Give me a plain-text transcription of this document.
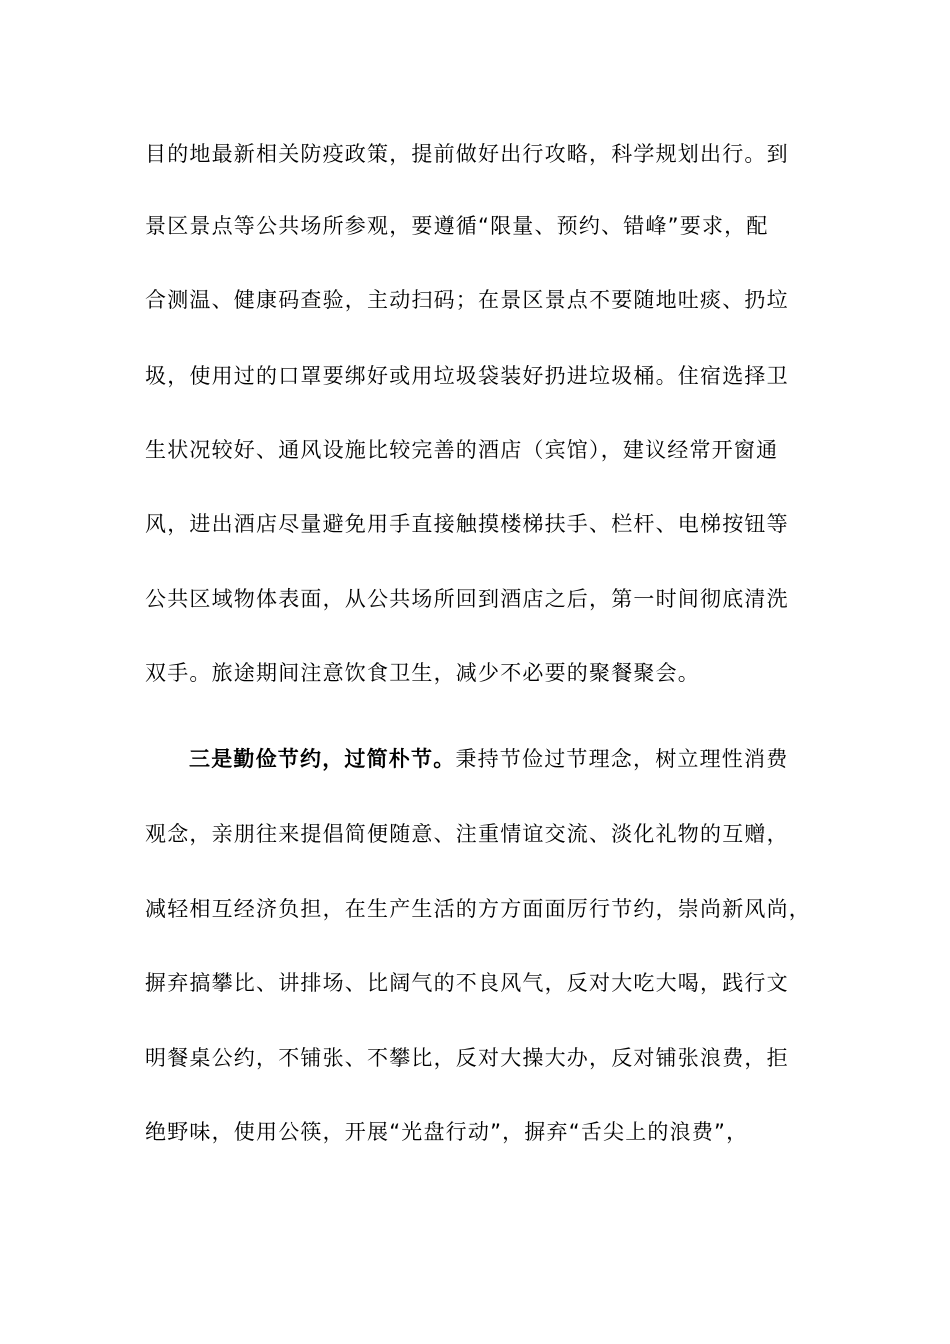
目的地最新相关防疫政策，提前做好出行攻略，科学规划出行。到
景区景点等公共场所参观，要遵循“限量、预约、错峰”要求，配
合测温、健康码查验，主动扫码；在景区景点不要随地吐痰、扔垃
圾，使用过的口罩要绑好或用垃圾袋装好扔进垃圾桶。住宿选择卫
生状况较好、通风设施比较完善的酒店（宾馆），建议经常开窗通
风，进出酒店尽量避免用手直接触摸楼梯扶手、栏杆、电梯按钮等
公共区域物体表面，从公共场所回到酒店之后，第一时间彻底清洗
双手。旅途期间注意饮食卫生，减少不必要的聚餐聚会。
三是勤俭节约，过简朴节。秉持节俭过节理念，树立理性消费
观念，亲朋往来提倡简便随意、注重情谊交流、淡化礼物的互赠，
减轻相互经济负担，在生产生活的方方面面厉行节约，崇尚新风尚，
摒弃搞攀比、讲排场、比阔气的不良风气，反对大吃大喝，践行文
明餐桌公约，不铺张、不攀比，反对大操大办，反对铺张浪费，拒
绝野味，使用公筷，开展“光盘行动”，摒弃“舌尖上的浪费”，
